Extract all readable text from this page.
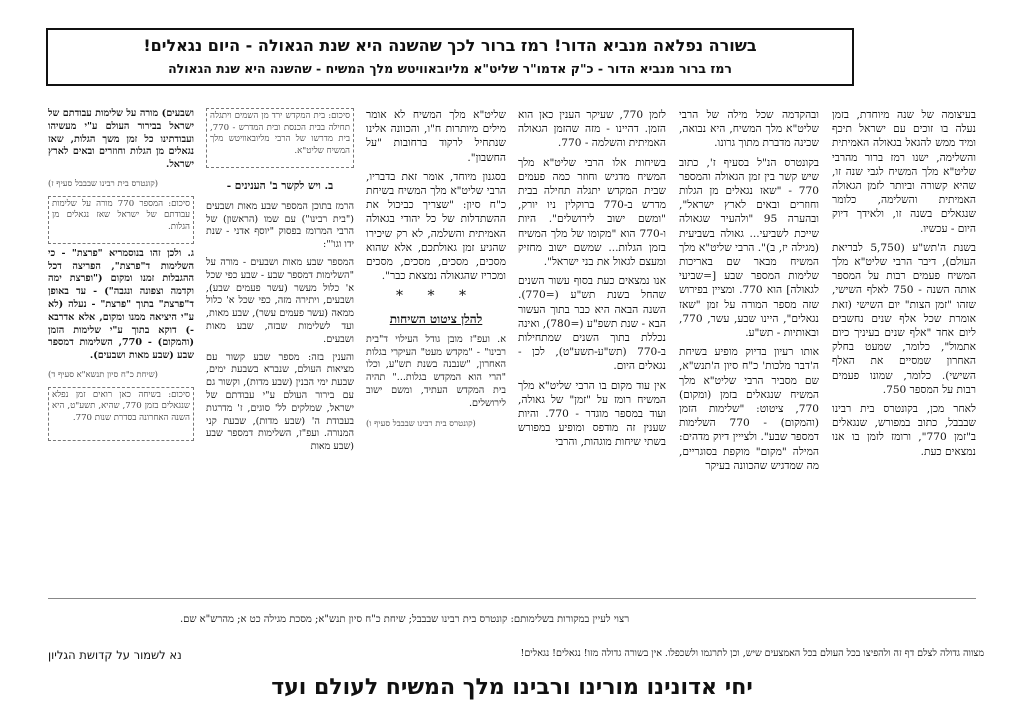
בשורה נפלאה מנביא הדור! רמז ברור לכך שהשנה היא שנת הגאולה - היום נגאלים!
רמז ברור מנביא הדור - כ"ק אדמו"ר שליט"א מליובאוויטש מלך המשיח - שהשנה היא שנת הגאולה

בעיצומה של שנה מיוחדת, בזמן נעלה בו זוכים עם ישראל תיכף ומיד ממש להגאל בגאולה האמיתית והשלימה, ישנו רמז ברור מהרבי שליט"א מלך המשיח לגבי שנה זו, שהיא קשורה וביותר לזמן הגאולה האמיתית והשלימה, כלומר שנגאלים בשנה זו, ולאידך דיוק היום - עכשיו.

בשנת ה'תש"ע (5,750 לבריאת העולם), דיבר הרבי שליט"א מלך המשיח פעמים רבות על המספר אותה השנה - 750 לאלף השישי, שזהו "זמן הצות" יום השישי (זאת אומרת שכל אלף שנים נחשבים ליום אחד "אלף שנים בעיניך כיום אתמול", כלומר, שמעט בחלק האחרון שמסיים את האלף השישי). כלומר, שמונו פעמים רבות על המספר 750.

לאחר מכן, בקונטרס בית רבינו שבבבל, כתוב במפורש, שנגאלים ב"זמן 770", ורומז לזמן בו אנו נמצאים כעת.

ובהקדמה שכל מילה של הרבי שליט"א מלך המשיח, היא נבואה, שכינה מדברת מתוך גרונו.

בקונטרס הנ"ל בסעיף ז', כתוב שיש קשר בין זמן הגאולה והמספר 770 - "שאז נגאלים מן הגלות וחוזרים ובאים לארץ ישראל", ובהערה 95 "ולהעיר שגאולה שייכת לשביעי... גאולה בשביעית (מגילה יז, ב)". הרבי שליט"א מלך המשיח מבאר שם באריכות שלימות המספר שבע [=שביעי לגאולה] הוא 770. ומציין בפירוש שזה מספר המורה על זמן "שאז נגאלים", היינו שבע, עשר, 770, ובאותיות - תש"ע.

אותו רעיון בדיוק מופיע בשיחת ה'דבר מלכות' כ"ח סיון ה'תנש"א, שם מסביר הרבי שליט"א מלך המשיח שנגאלים בזמן (ומקום) 770, ציטוט: "שלימות הזמן (והמקום) - 770 השלימות דמספר שבע". ולצייין דיוק מדהים: המילה "מקום" מוקפת בסוגריים, מה שמדגיש שהכוונה בעיקר

לזמן 770, שעיקר הענין כאן הוא הזמן. דהיינו - מזה שהזמן הגאולה האמיתית והשלמה - 770.

בשיחות אלו הרבי שליט"א מלך המשיח מדגיש וחוזר כמה פעמים שבית המקדש יתגלה תחילה בבית מדרש ב-770 ברוקלין ניו יורק, "ומשם ישוב לירושלים". היות ו-770 הוא "מקומו של מלך המשיח בזמן הגלות... שמשם ישוב מחזיק ומעצם לגאול את בני ישראל".

אנו נמצאים כעת בסוף עשור השנים שהחל בשנת תש"ע (=770). השנה הבאה היא כבר בתוך העשור הבא - שנת תשפ"ע (=780), ואינה נכללת בתוך השנים שמתחילות ב-770 (תש"ע-תשע"ט), לכן - נגאלים היום.

אין עוד מקום בו הרבי שליט"א מלך המשיח רומז על "זמן" של גאולה, ועוד במספר מוגדר - 770. והיות שענין זה מודפס ומופיע במפורש בשתי שיחות מוגהות, והרבי

שליט"א מלך המשיח לא אומר מילים מיותרות ח"ו, והכוונה אלינו שנתחיל לרקוד ברחובות "על החשבון".

בסגנון מיוחד, אומר זאת בדבריו, הרבי שליט"א מלך המשיח בשיחת כ"ח סיון: "שצריך כביכול את ההשתדלות של כל יהודי בגאולה האמיתית והשלמה, לא רק שיכירו שהגיע זמן גאולתכם, אלא שהוא מסכים, מסכים, מסכים, מסכים ומכריז שהגאולה נמצאת כבר".

* * *
להלן ציטוט השיחות

א. ועפ"ז מובן גודל העילוי ד"בית רבינו" - "מקדש מעט" העיקרי בגלות האחרון, "שנבנה בשנת תש"ע, וכלו "הרי הוא המקדש בגלות..." תהיה בית המקדש העתיד, ומשם ישוב לירושלים.

(קונטרס בית רבינו שבבבל סעיף ו)
סיכום: בית המקדש ירד מן השמים ויתגלה תחילה בבית הכנסת ובית המדרש - 770, בית מדרשו של הרבי מליובאוויטש מלך המשיח שליט"א.
ב. ויש לקשר ב' הענינים -

הרמז בתוכן המספר שבע מאות ושבעים ("בית רבינו") עם שמו (הראשון) של הרבי המרומז בפסוק "יוסף אדני - שנת ידו וגו'":

המספר שבע מאות ושבעים - מורה על "השלימות דמספר שבע - שבע כפי שכל א' כלול מעשר (עשר פעמים שבע), ושבעים, ויתירה מזה, כפי שכל א' כלול ממאה (עשר פעמים עשר), שבע מאות, ועד לשלימות שבזה, שבע מאות ושבעים.

והענין בזה: מספר שבע קשור עם מציאות העולם, שנברא בשבעת ימים, שבעת ימי הבנין (שבע מדות), וקשור גם עם בירור העולם ע"י עבודתם של ישראל, שמלקים לל' סוגים, ז' מדרגות בעבודת ה' (שבע מדות), שבעת קני המנורה. ועפ"ז, השלימות דמספר שבע (שבע מאות

ושבעים) מורה על שלימות עבודתם של ישראל בבירור העולם ע"י מעשיהו ועבודתינו כל זמן משך הגלות, שאז נגאלים מן הגלות וחוזרים ובאים לארץ ישראל.

(קונטרס בית רבינו שבבבל סעיף ז)
סיכום: המספר 770 מורה על שלימות עבודתם של ישראל שאז נגאלים מן הגלות.

ג. ולכן זהו בנוסמריא "פרצת" - כי השלימות ד"פרצת", הפריצה דכל ההגבלות זמנו ומקום ("ופרצת ימה וקדמה וצפונה ונגבה") - עד באופן ד"פרצת" בתוך "פרצת" - נעלה (לא ע"י היציאה ממנו ומקום, אלא אדרבא -) דוקא בתוך ע"י שלימות הזמן (והמקום) - 770, השלימות דמספר שבע (שבע מאות ושבעים).

(שיחת כ"ח סיון תנשא"א סעיף ד)
סיכום: בשיחה כאן רואים זמן נפלא שנגאלים בזמן 770, שהיא, תשע"ט, היא השנה האחרונה בסדרת שנות 770.
רצוי לעיין במקורות בשלימותם: קונטרס בית רבינו שבבבל; שיחת כ"ח סיון תנש"א; מסכת מגילה כט א; מהרש"א שם.
נא לשמור על קדושת הגליון	מצווה גדולה לצלם דף זה ולהפיצו בכל העולם בכל האמצעים שיש, וכן לתרגמו ולשכפלו. אין בשורה גדולה מזו! נגאלים! נגאלים!
יחי אדונינו מורינו ורבינו מלך המשיח לעולם ועד
